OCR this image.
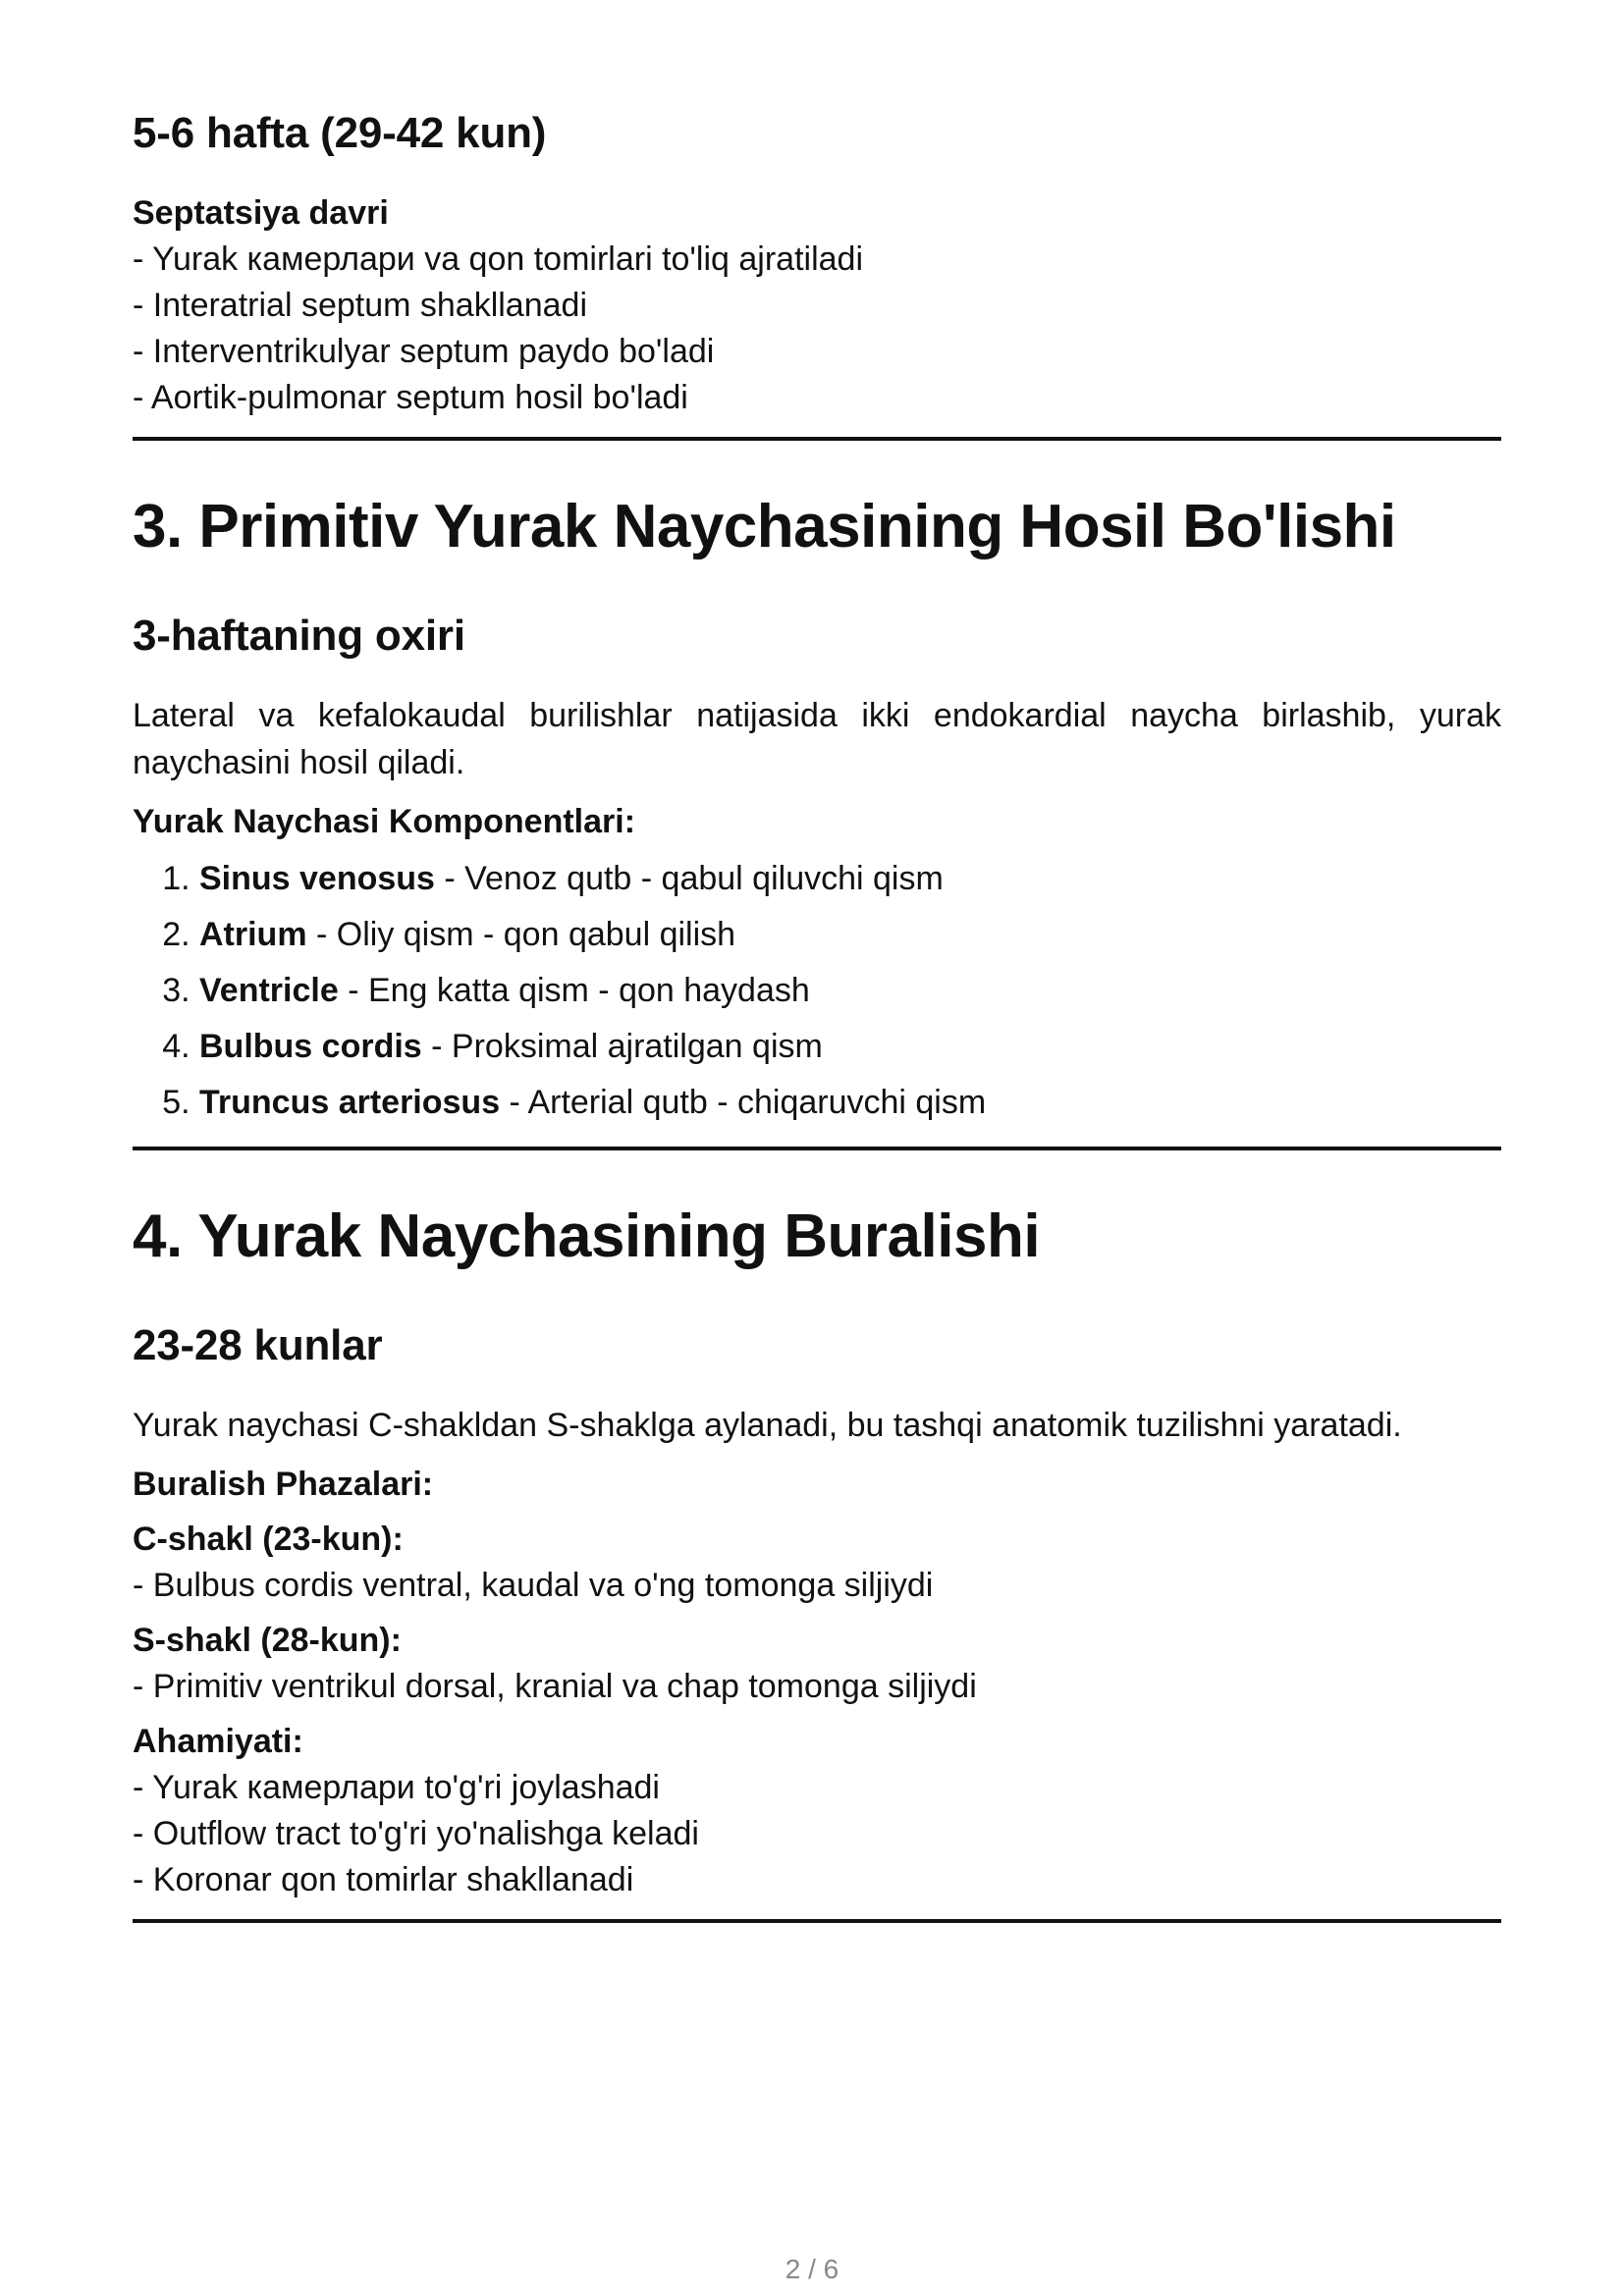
5-6 hafta (29-42 kun)

Septatsiya davri

- Yurak камерлари va qon tomirlari to'liq ajratiladi

- Interatrial septum shakllanadi

- Interventrikulyar septum paydo bo'ladi

- Aortik-pulmonar septum hosil bo'ladi

3. Primitiv Yurak Naychasining Hosil Bo'lishi
3-haftaning oxiri

Lateral va kefalokaudal burilishlar natijasida ikki endokardial naycha birlashib, yurak naychasini hosil qiladi.

Yurak Naychasi Komponentlari:

1. Sinus venosus - Venoz qutb - qabul qiluvchi qism
2. Atrium - Oliy qism - qon qabul qilish
3. Ventricle - Eng katta qism - qon haydash
4. Bulbus cordis - Proksimal ajratilgan qism
5. Truncus arteriosus - Arterial qutb - chiqaruvchi qism
4. Yurak Naychasining Buralishi
23-28 kunlar

Yurak naychasi C-shakldan S-shaklga aylanadi, bu tashqi anatomik tuzilishni yaratadi.

Buralish Phazalari:

C-shakl (23-kun):

- Bulbus cordis ventral, kaudal va o'ng tomonga siljiydi

S-shakl (28-kun):

- Primitiv ventrikul dorsal, kranial va chap tomonga siljiydi

Ahamiyati:

- Yurak камерлари to'g'ri joylashadi

- Outflow tract to'g'ri yo'nalishga keladi

- Koronar qon tomirlar shakllanadi

2 / 6
